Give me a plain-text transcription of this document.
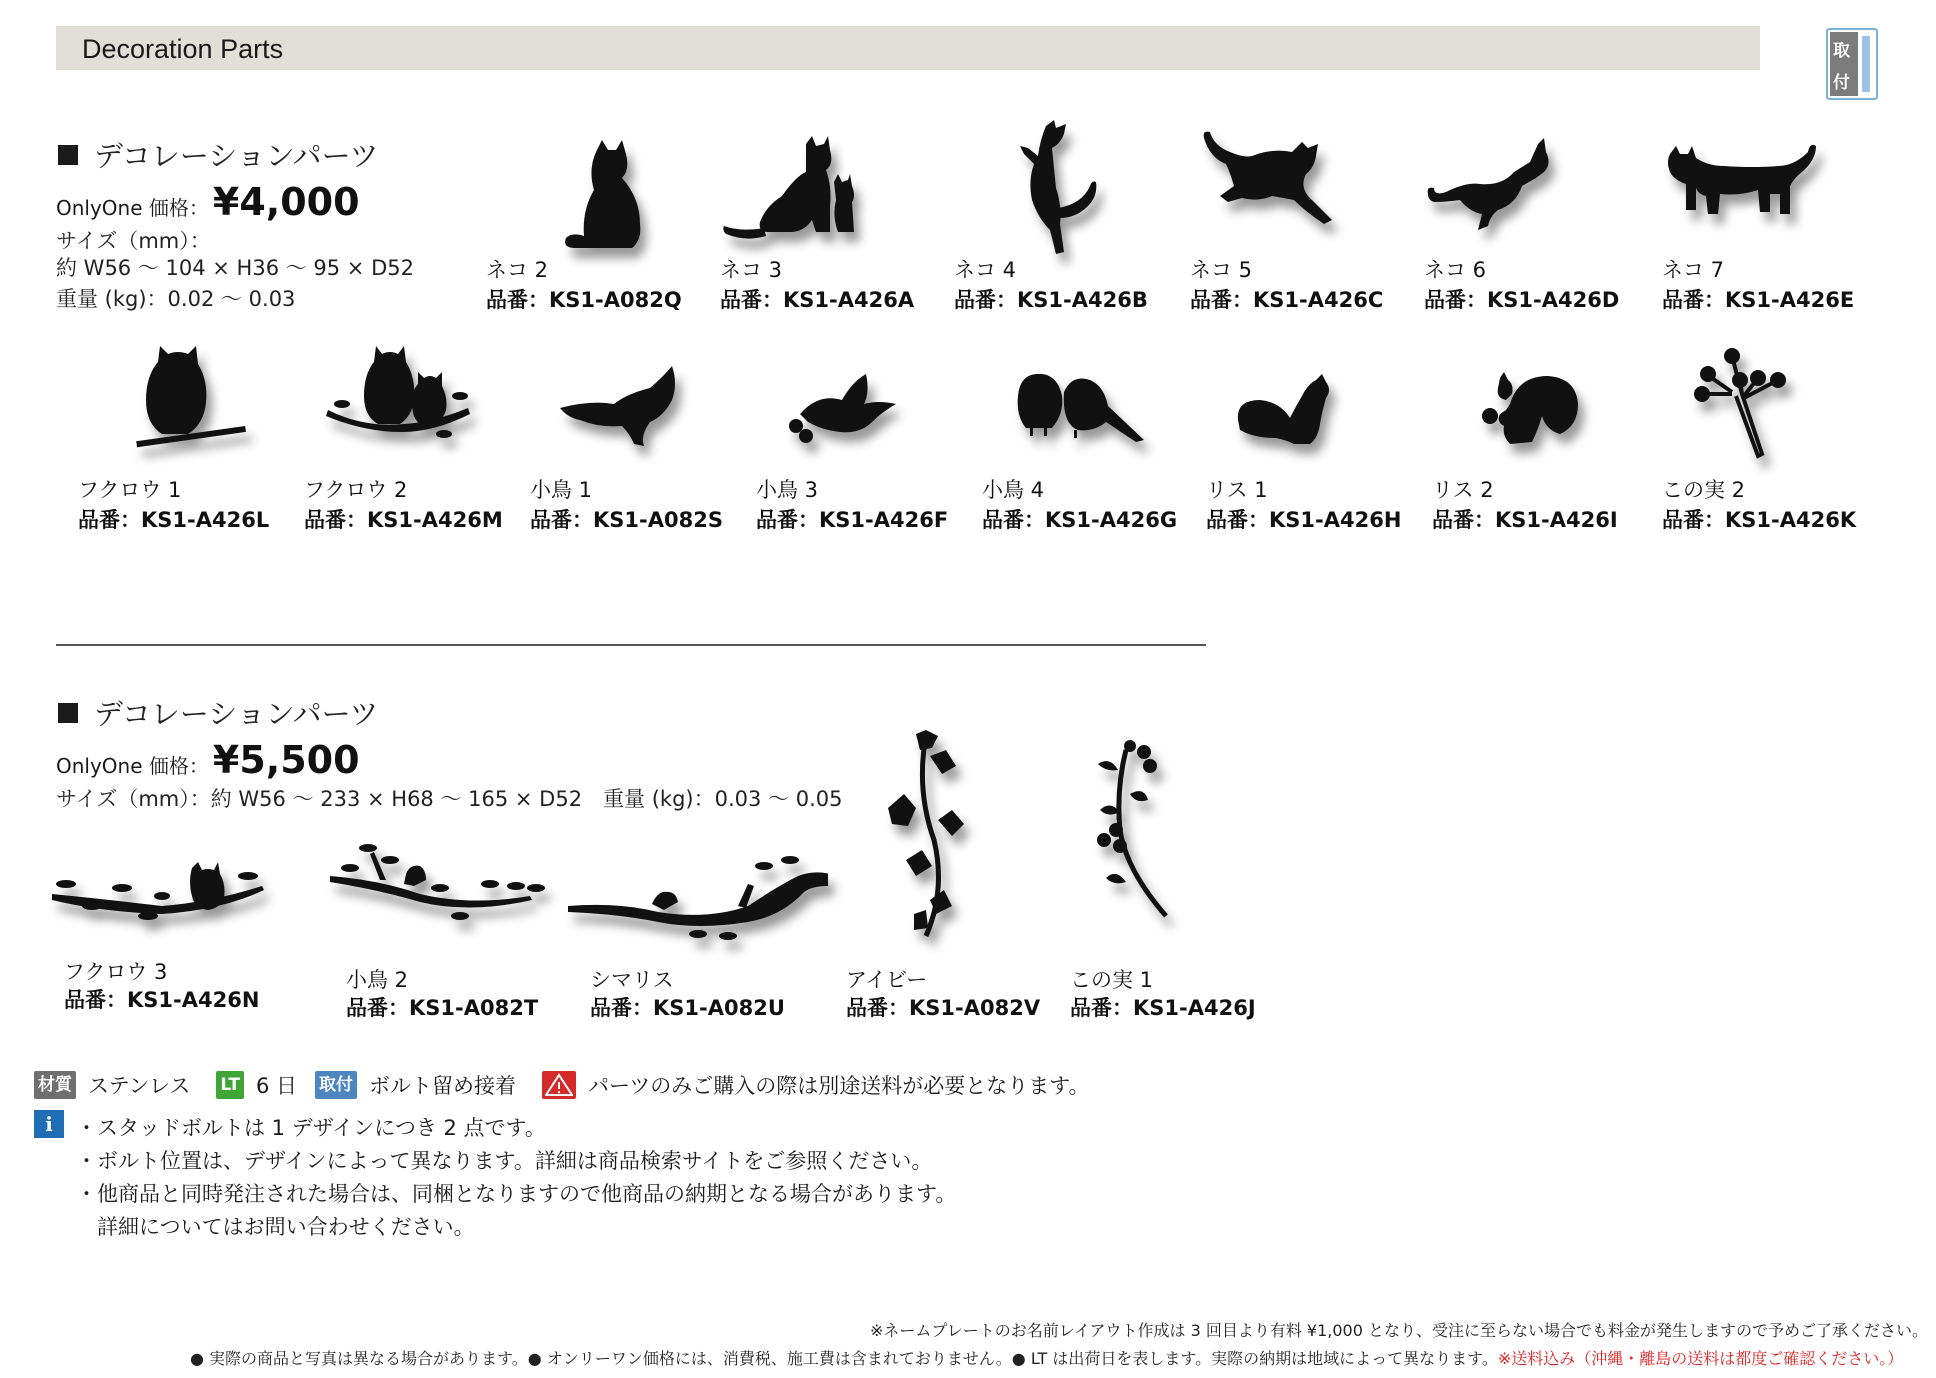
Decoration Parts	取
付
デコレーションパーツ
OnlyOne 価格： ¥4,000
サイズ（mm）：
約 W56 ～ 104 × H36 ～ 95 × D52
重量 (kg)：0.02 ～ 0.03
ネコ 2
品番：KS1-A082Q
ネコ 3
品番：KS1-A426A
ネコ 4
品番：KS1-A426B
ネコ 5
品番：KS1-A426C
ネコ 6
品番：KS1-A426D
ネコ 7
品番：KS1-A426E
フクロウ 1
品番：KS1-A426L
フクロウ 2
品番：KS1-A426M
小鳥 1
品番：KS1-A082S
小鳥 3
品番：KS1-A426F
小鳥 4
品番：KS1-A426G
リス 1
品番：KS1-A426H
リス 2
品番：KS1-A426I
この実 2
品番：KS1-A426K
デコレーションパーツ
OnlyOne 価格： ¥5,500
サイズ（mm）：約 W56 ～ 233 × H68 ～ 165 × D52　重量 (kg)：0.03 ～ 0.05
フクロウ 3
品番：KS1-A426N
小鳥 2
品番：KS1-A082T
シマリス
品番：KS1-A082U
アイビー
品番：KS1-A082V
この実 1
品番：KS1-A426J
材質 ステンレス LT 6 日 取付 ボルト留め接着	パーツのみご購入の際は別途送料が必要となります。
i	・スタッドボルトは 1 デザインにつき 2 点です。
・ボルト位置は、デザインによって異なります。詳細は商品検索サイトをご参照ください。
・他商品と同時発注された場合は、同梱となりますので他商品の納期となる場合があります。
　詳細についてはお問い合わせください。
※ネームプレートのお名前レイアウト作成は 3 回目より有料 ¥1,000 となり、受注に至らない場合でも料金が発生しますので予めご了承ください。
● 実際の商品と写真は異なる場合があります。● オンリーワン価格には、消費税、施工費は含まれておりません。● LT は出荷日を表します。実際の納期は地域によって異なります。※送料込み（沖縄・離島の送料は都度ご確認ください。）
